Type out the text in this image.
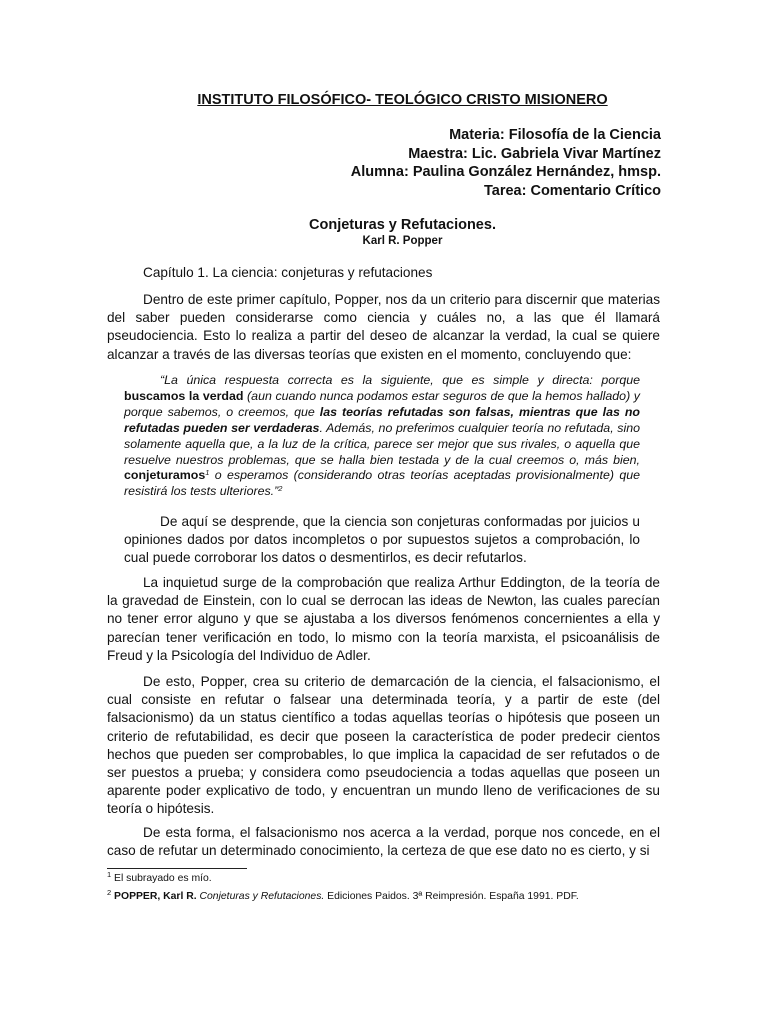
INSTITUTO FILOSÓFICO- TEOLÓGICO CRISTO MISIONERO
Materia: Filosofía de la Ciencia
Maestra: Lic. Gabriela Vivar Martínez
Alumna: Paulina González Hernández, hmsp.
Tarea: Comentario Crítico
Conjeturas y Refutaciones.
Karl R. Popper

Capítulo 1. La ciencia: conjeturas y refutaciones

Dentro de este primer capítulo, Popper, nos da un criterio para discernir que materias del saber pueden considerarse como ciencia y cuáles no, a las que él llamará pseudociencia. Esto lo realiza a partir del deseo de alcanzar la verdad, la cual se quiere alcanzar a través de las diversas teorías que existen en el momento, concluyendo que:

“La única respuesta correcta es la siguiente, que es simple y directa: porque buscamos la verdad (aun cuando nunca podamos estar seguros de que la hemos hallado) y porque sabemos, o creemos, que las teorías refutadas son falsas, mientras que las no refutadas pueden ser verdaderas. Además, no preferimos cualquier teoría no refutada, sino solamente aquella que, a la luz de la crítica, parece ser mejor que sus rivales, o aquella que resuelve nuestros problemas, que se halla bien testada y de la cual creemos o, más bien, conjeturamos$^1$ o esperamos (considerando otras teorías aceptadas provisionalmente) que resistirá los tests ulteriores.”$^2$

De aquí se desprende, que la ciencia son conjeturas conformadas por juicios u opiniones dados por datos incompletos o por supuestos sujetos a comprobación, lo cual puede corroborar los datos o desmentirlos, es decir refutarlos.

La inquietud surge de la comprobación que realiza Arthur Eddington, de la teoría de la gravedad de Einstein, con lo cual se derrocan las ideas de Newton, las cuales parecían no tener error alguno y que se ajustaba a los diversos fenómenos concernientes a ella y parecían tener verificación en todo, lo mismo con la teoría marxista, el psicoanálisis de Freud y la Psicología del Individuo de Adler.

De esto, Popper, crea su criterio de demarcación de la ciencia, el falsacionismo, el cual consiste en refutar o falsear una determinada teoría, y a partir de este (del falsacionismo) da un status científico a todas aquellas teorías o hipótesis que poseen un criterio de refutabilidad, es decir que poseen la característica de poder predecir cientos hechos que pueden ser comprobables, lo que implica la capacidad de ser refutados o de ser puestos a prueba; y considera como pseudociencia a todas aquellas que poseen un aparente poder explicativo de todo, y encuentran un mundo lleno de verificaciones de su teoría o hipótesis.

De esta forma, el falsacionismo nos acerca a la verdad, porque nos concede, en el caso de refutar un determinado conocimiento, la certeza de que ese dato no es cierto, y si

$^1$ El subrayado es mío.
$^2$ POPPER, Karl R. Conjeturas y Refutaciones. Ediciones Paidos. 3ª Reimpresión. España 1991. PDF.
